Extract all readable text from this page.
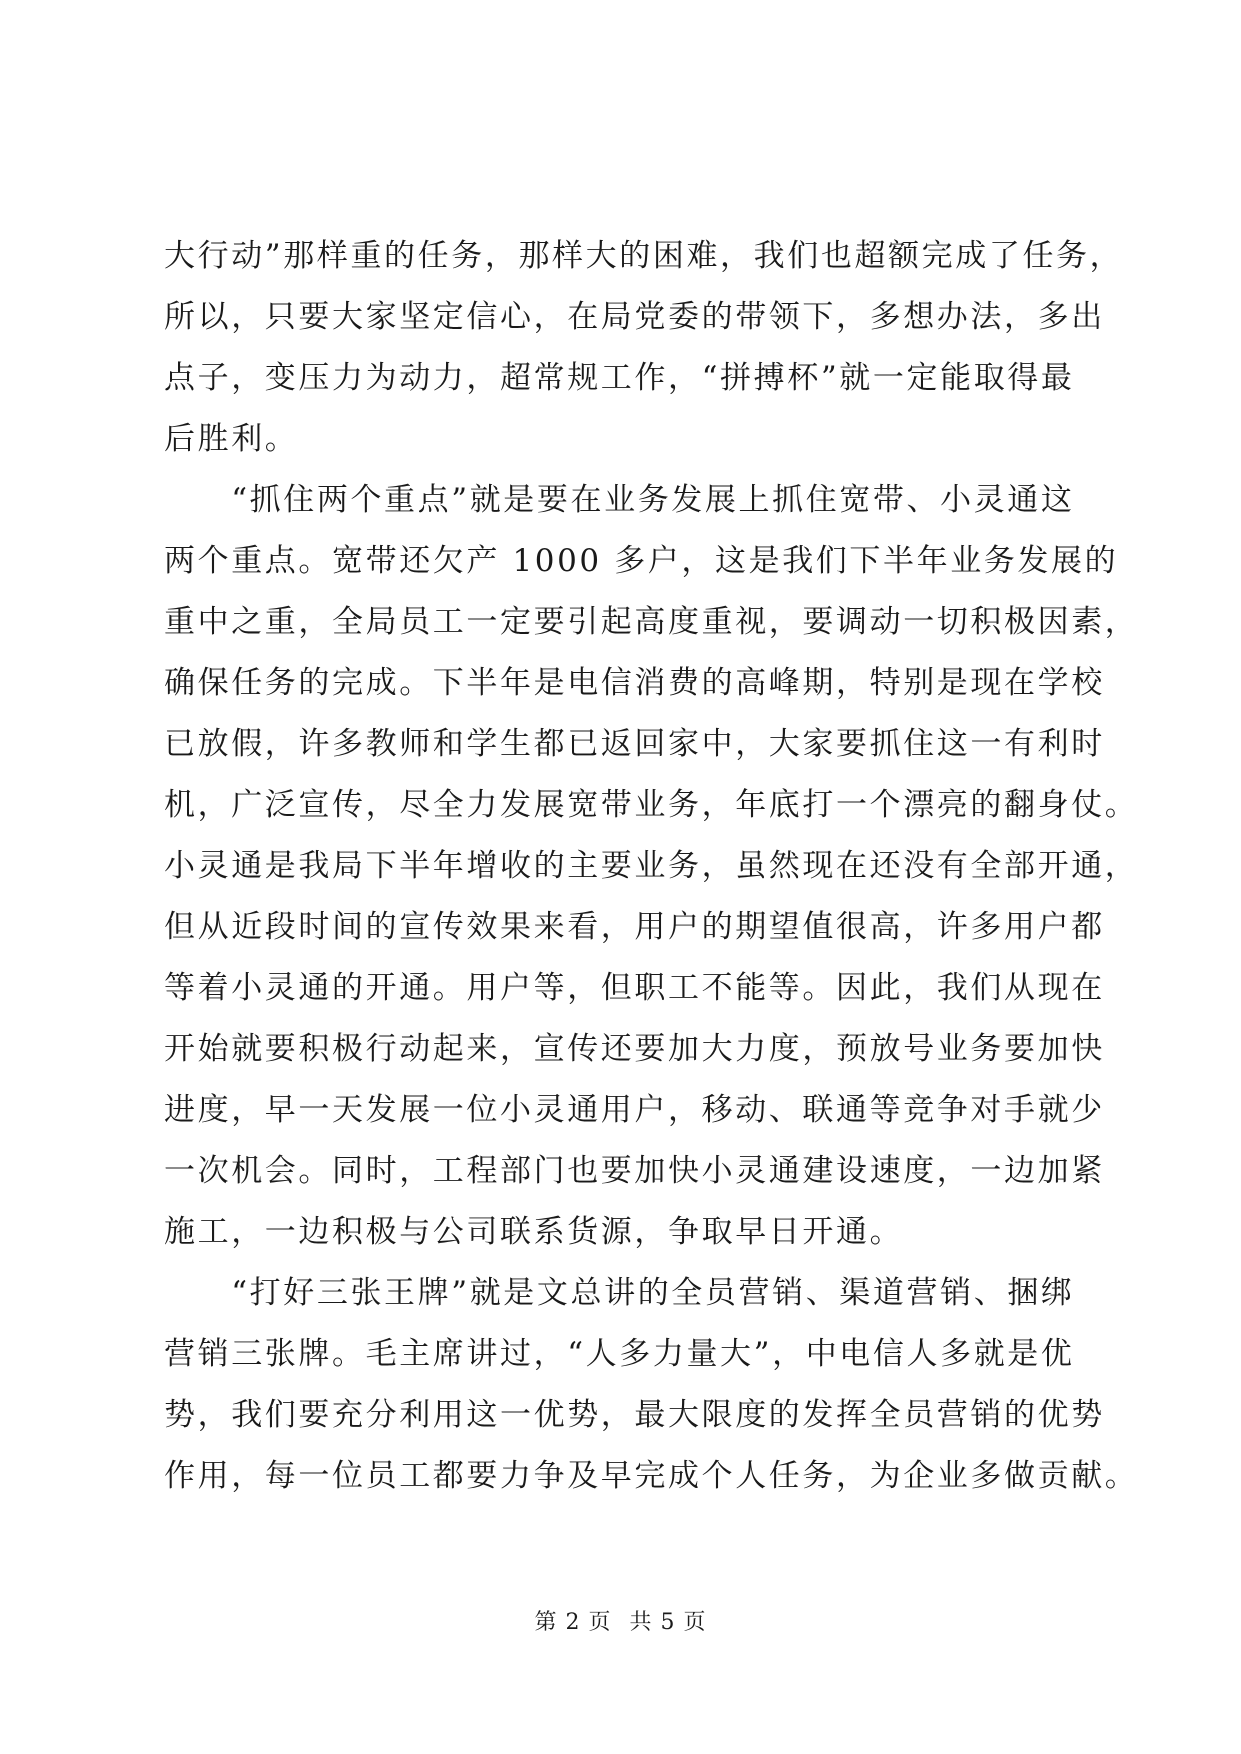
大行动”那样重的任务，那样大的困难，我们也超额完成了任务，
所以，只要大家坚定信心，在局党委的带领下，多想办法，多出
点子，变压力为动力，超常规工作，“拼搏杯”就一定能取得最
后胜利。
　　“抓住两个重点”就是要在业务发展上抓住宽带、小灵通这
两个重点。宽带还欠产 1000 多户，这是我们下半年业务发展的
重中之重，全局员工一定要引起高度重视，要调动一切积极因素，
确保任务的完成。下半年是电信消费的高峰期，特别是现在学校
已放假，许多教师和学生都已返回家中，大家要抓住这一有利时
机，广泛宣传，尽全力发展宽带业务，年底打一个漂亮的翻身仗。
小灵通是我局下半年增收的主要业务，虽然现在还没有全部开通，
但从近段时间的宣传效果来看，用户的期望值很高，许多用户都
等着小灵通的开通。用户等，但职工不能等。因此，我们从现在
开始就要积极行动起来，宣传还要加大力度，预放号业务要加快
进度，早一天发展一位小灵通用户，移动、联通等竞争对手就少
一次机会。同时，工程部门也要加快小灵通建设速度，一边加紧
施工，一边积极与公司联系货源，争取早日开通。
　　“打好三张王牌”就是文总讲的全员营销、渠道营销、捆绑
营销三张牌。毛主席讲过，“人多力量大”，中电信人多就是优
势，我们要充分利用这一优势，最大限度的发挥全员营销的优势
作用，每一位员工都要力争及早完成个人任务，为企业多做贡献。
第 2 页 共 5 页
